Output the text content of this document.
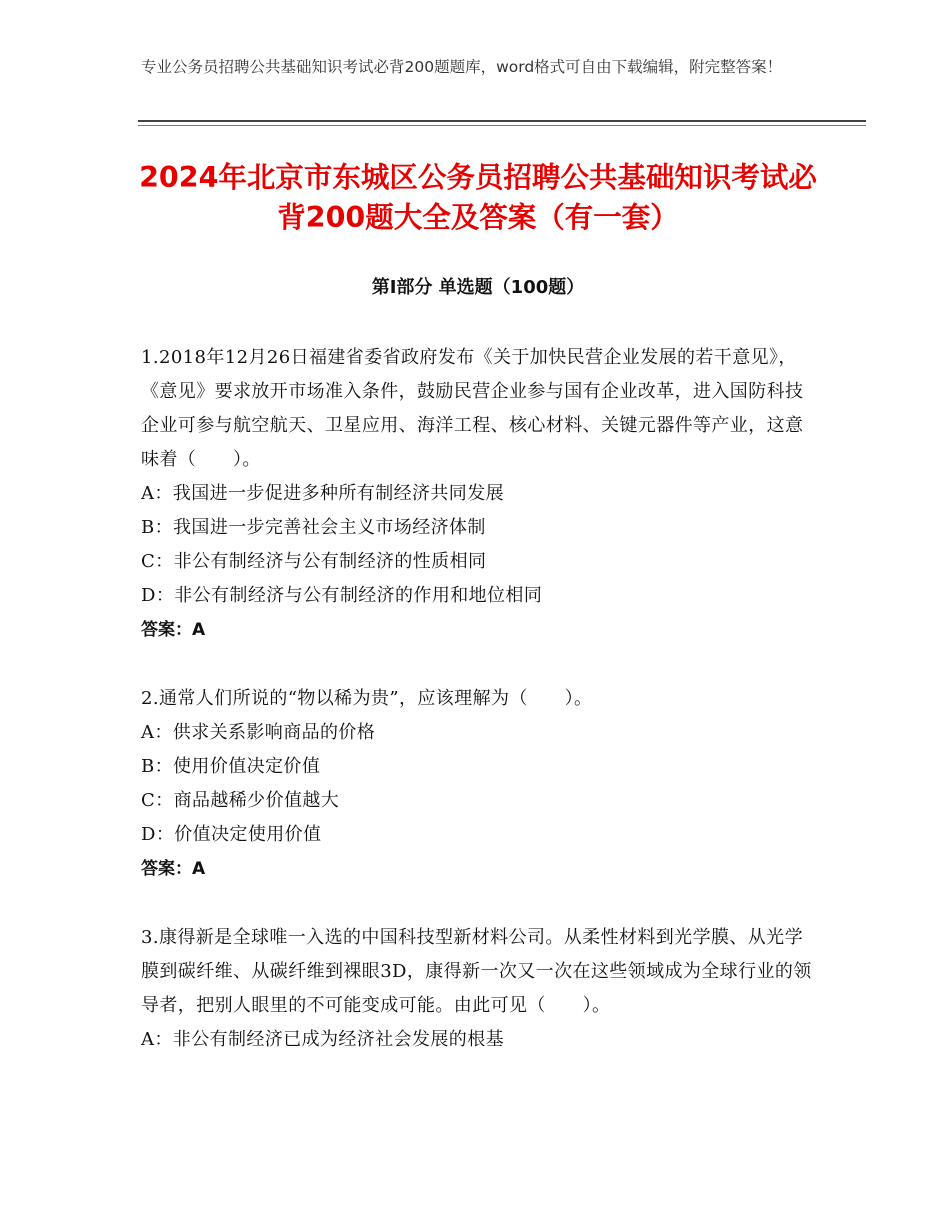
专业公务员招聘公共基础知识考试必背200题题库，word格式可自由下载编辑，附完整答案！
2024年北京市东城区公务员招聘公共基础知识考试必背200题大全及答案（有一套）
第Ⅰ部分 单选题（100题）

1.2018年12月26日福建省委省政府发布《关于加快民营企业发展的若干意见》，《意见》要求放开市场准入条件，鼓励民营企业参与国有企业改革，进入国防科技企业可参与航空航天、卫星应用、海洋工程、核心材料、关键元器件等产业，这意味着（　　）。

A：我国进一步促进多种所有制经济共同发展

B：我国进一步完善社会主义市场经济体制

C：非公有制经济与公有制经济的性质相同

D：非公有制经济与公有制经济的作用和地位相同

答案：A

2.通常人们所说的“物以稀为贵”，应该理解为（　　）。

A：供求关系影响商品的价格

B：使用价值决定价值

C：商品越稀少价值越大

D：价值决定使用价值

答案：A

3.康得新是全球唯一入选的中国科技型新材料公司。从柔性材料到光学膜、从光学膜到碳纤维、从碳纤维到裸眼3D，康得新一次又一次在这些领域成为全球行业的领导者，把别人眼里的不可能变成可能。由此可见（　　）。

A：非公有制经济已成为经济社会发展的根基
